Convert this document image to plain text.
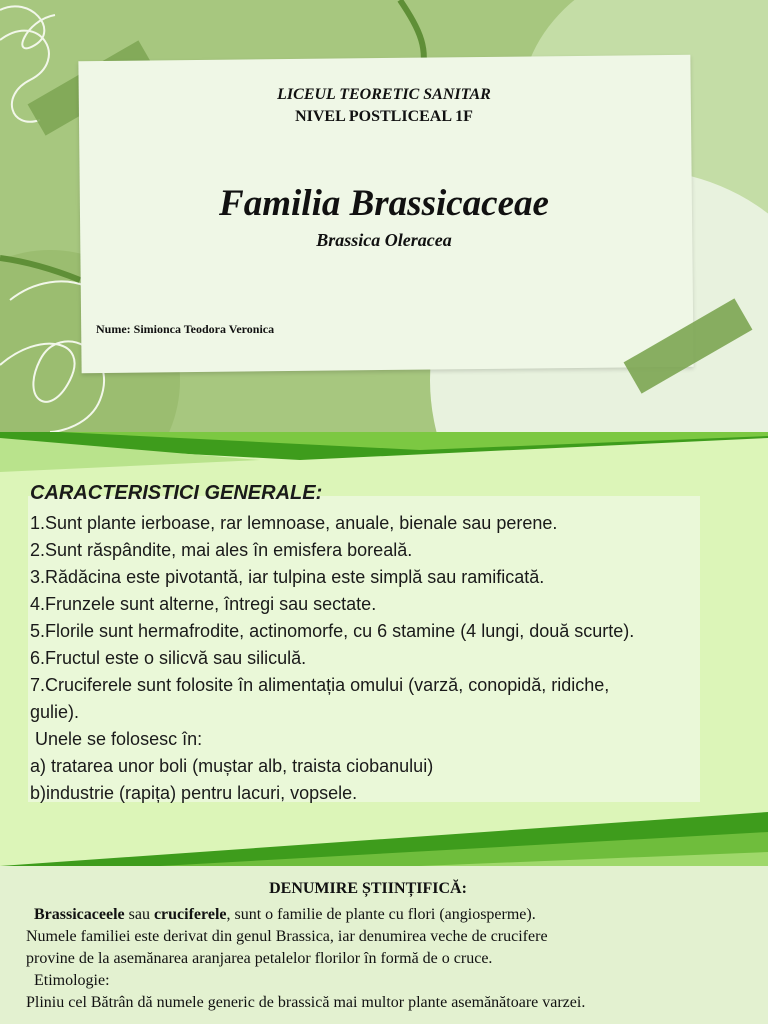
LICEUL TEORETIC SANITAR
NIVEL POSTLICEAL 1F
Familia Brassicaceae
Brassica Oleracea
Nume: Simionca Teodora Veronica
CARACTERISTICI GENERALE:
1.Sunt plante ierboase, rar lemnoase, anuale, bienale sau perene.
2.Sunt răspândite, mai ales în emisfera boreală.
3.Rădăcina este pivotantă, iar tulpina este simplă sau ramificată.
4.Frunzele sunt alterne, întregi sau sectate.
5.Florile sunt hermafrodite, actinomorfe, cu 6 stamine (4 lungi, două scurte).
6.Fructul este o silicvă sau siliculă.
7.Cruciferele sunt folosite în alimentația omului (varză, conopidă, ridiche,
gulie).
Unele se folosesc în:
a) tratarea unor boli (muștar alb, traista ciobanului)
b)industrie (rapița) pentru lacuri, vopsele.
DENUMIRE ȘTIINȚIFICĂ:
Brassicaceele sau cruciferele, sunt o familie de plante cu flori (angiosperme).
Numele familiei este derivat din genul Brassica, iar denumirea veche de crucifere
provine de la asemănarea aranjarea petalelor florilor în formă de o cruce.
Etimologie:
Pliniu cel Bătrân dă numele generic de brassică mai multor plante asemănătoare varzei.
